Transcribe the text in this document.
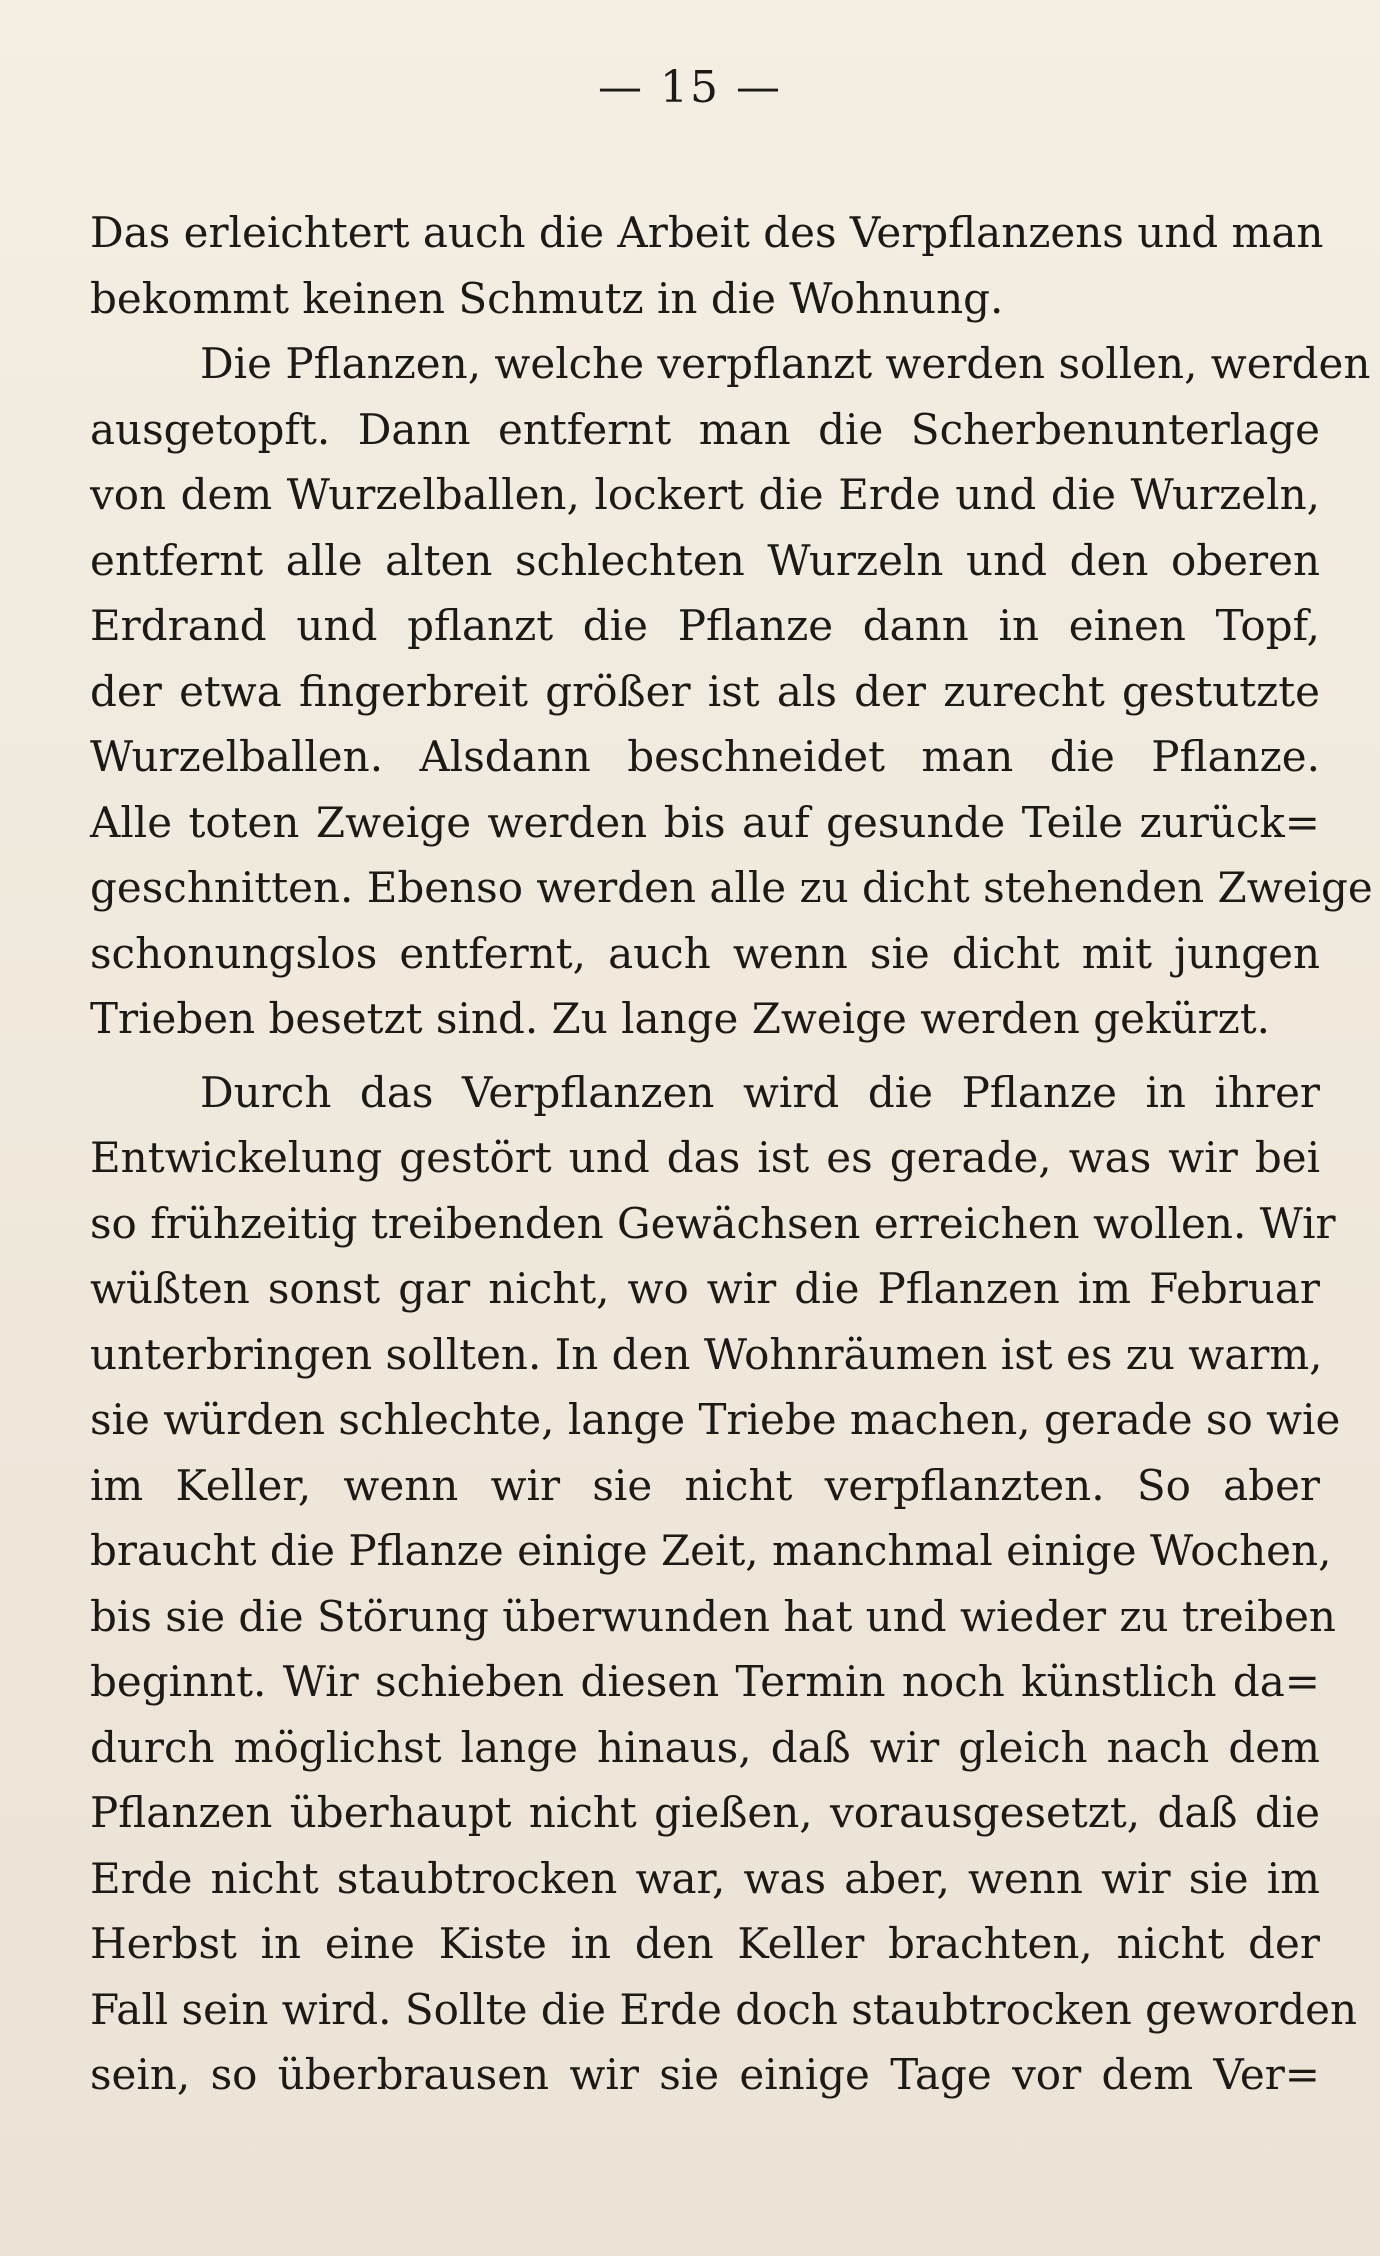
— 15 —
Das erleichtert auch die Arbeit des Verpflanzens und man
bekommt keinen Schmutz in die Wohnung.
Die Pflanzen, welche verpflanzt werden sollen, werden
ausgetopft. Dann entfernt man die Scherbenunterlage
von dem Wurzelballen, lockert die Erde und die Wurzeln,
entfernt alle alten schlechten Wurzeln und den oberen
Erdrand und pflanzt die Pflanze dann in einen Topf,
der etwa fingerbreit größer ist als der zurecht gestutzte
Wurzelballen. Alsdann beschneidet man die Pflanze.
Alle toten Zweige werden bis auf gesunde Teile zurück=
geschnitten. Ebenso werden alle zu dicht stehenden Zweige
schonungslos entfernt, auch wenn sie dicht mit jungen
Trieben besetzt sind. Zu lange Zweige werden gekürzt.
Durch das Verpflanzen wird die Pflanze in ihrer
Entwickelung gestört und das ist es gerade, was wir bei
so frühzeitig treibenden Gewächsen erreichen wollen. Wir
wüßten sonst gar nicht, wo wir die Pflanzen im Februar
unterbringen sollten. In den Wohnräumen ist es zu warm,
sie würden schlechte, lange Triebe machen, gerade so wie
im Keller, wenn wir sie nicht verpflanzten. So aber
braucht die Pflanze einige Zeit, manchmal einige Wochen,
bis sie die Störung überwunden hat und wieder zu treiben
beginnt. Wir schieben diesen Termin noch künstlich da=
durch möglichst lange hinaus, daß wir gleich nach dem
Pflanzen überhaupt nicht gießen, vorausgesetzt, daß die
Erde nicht staubtrocken war, was aber, wenn wir sie im
Herbst in eine Kiste in den Keller brachten, nicht der
Fall sein wird. Sollte die Erde doch staubtrocken geworden
sein, so überbrausen wir sie einige Tage vor dem Ver=
